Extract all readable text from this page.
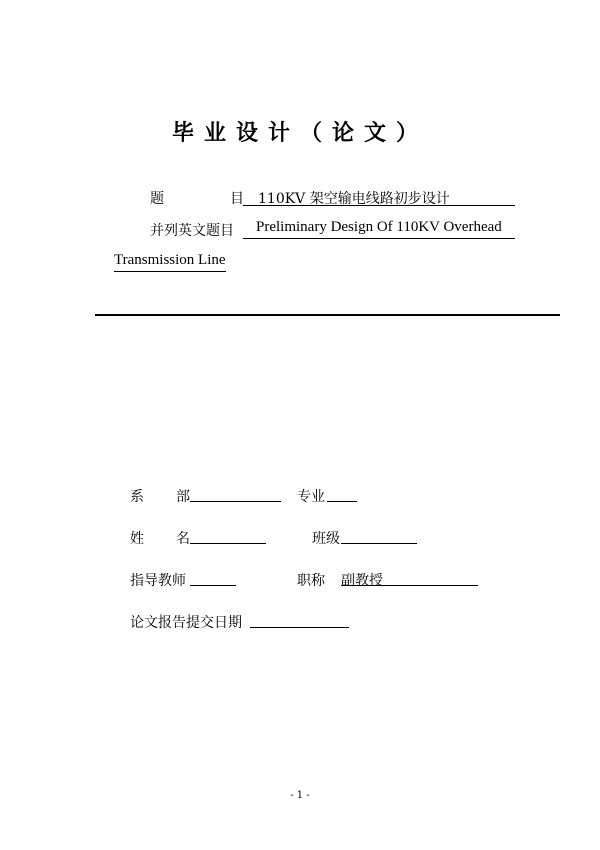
毕业设计（论文）
题	目 110KV 架空输电线路初步设计
并列英文题目 Preliminary Design Of 110KV Overhead
Transmission Line
系 部	专业
姓 名	班级
指导教师	职称 副教授
论文报告提交日期
- 1 -
